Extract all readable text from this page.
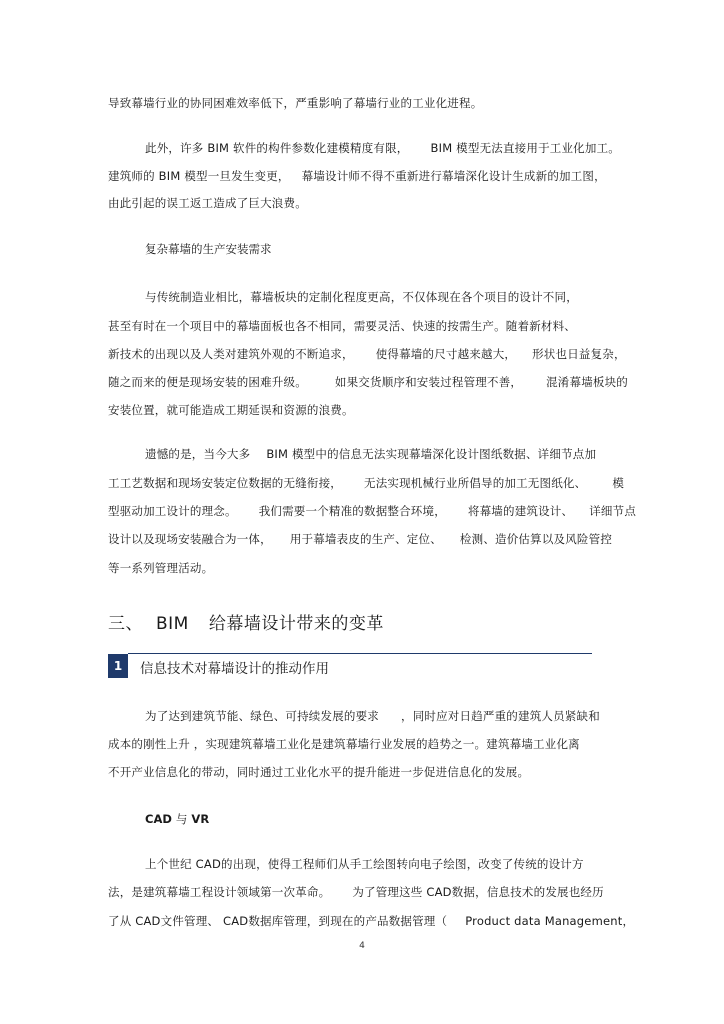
导致幕墙行业的协同困难效率低下，严重影响了幕墙行业的工业化进程。
此外，许多 BIM 软件的构件参数化建模精度有限， BIM 模型无法直接用于工业化加工。
建筑师的 BIM 模型一旦发生变更， 幕墙设计师不得不重新进行幕墙深化设计生成新的加工图，
由此引起的误工返工造成了巨大浪费。
复杂幕墙的生产安装需求
与传统制造业相比，幕墙板块的定制化程度更高，不仅体现在各个项目的设计不同，
甚至有时在一个项目中的幕墙面板也各不相同，需要灵活、快速的按需生产。随着新材料、
新技术的出现以及人类对建筑外观的不断追求， 使得幕墙的尺寸越来越大， 形状也日益复杂，
随之而来的便是现场安装的困难升级。 如果交货顺序和安装过程管理不善， 混淆幕墙板块的
安装位置，就可能造成工期延误和资源的浪费。
遗憾的是，当今大多 BIM 模型中的信息无法实现幕墙深化设计图纸数据、详细节点加
工工艺数据和现场安装定位数据的无缝衔接， 无法实现机械行业所倡导的加工无图纸化、 模
型驱动加工设计的理念。 我们需要一个精准的数据整合环境， 将幕墙的建筑设计、 详细节点
设计以及现场安装融合为一体， 用于幕墙表皮的生产、定位、 检测、造价估算以及风险管控
等一系列管理活动。
三、 BIM 给幕墙设计带来的变革
1	信息技术对幕墙设计的推动作用
为了达到建筑节能、绿色、可持续发展的要求 ，同时应对日趋严重的建筑人员紧缺和
成本的刚性上升 ，实现建筑幕墙工业化是建筑幕墙行业发展的趋势之一。建筑幕墙工业化离
不开产业信息化的带动，同时通过工业化水平的提升能进一步促进信息化的发展。
CAD 与 VR
上个世纪 CAD的出现，使得工程师们从手工绘图转向电子绘图，改变了传统的设计方
法，是建筑幕墙工程设计领域第一次革命。 为了管理这些 CAD数据，信息技术的发展也经历
了从 CAD文件管理、 CAD数据库管理，到现在的产品数据管理（ Product data Management，
4
